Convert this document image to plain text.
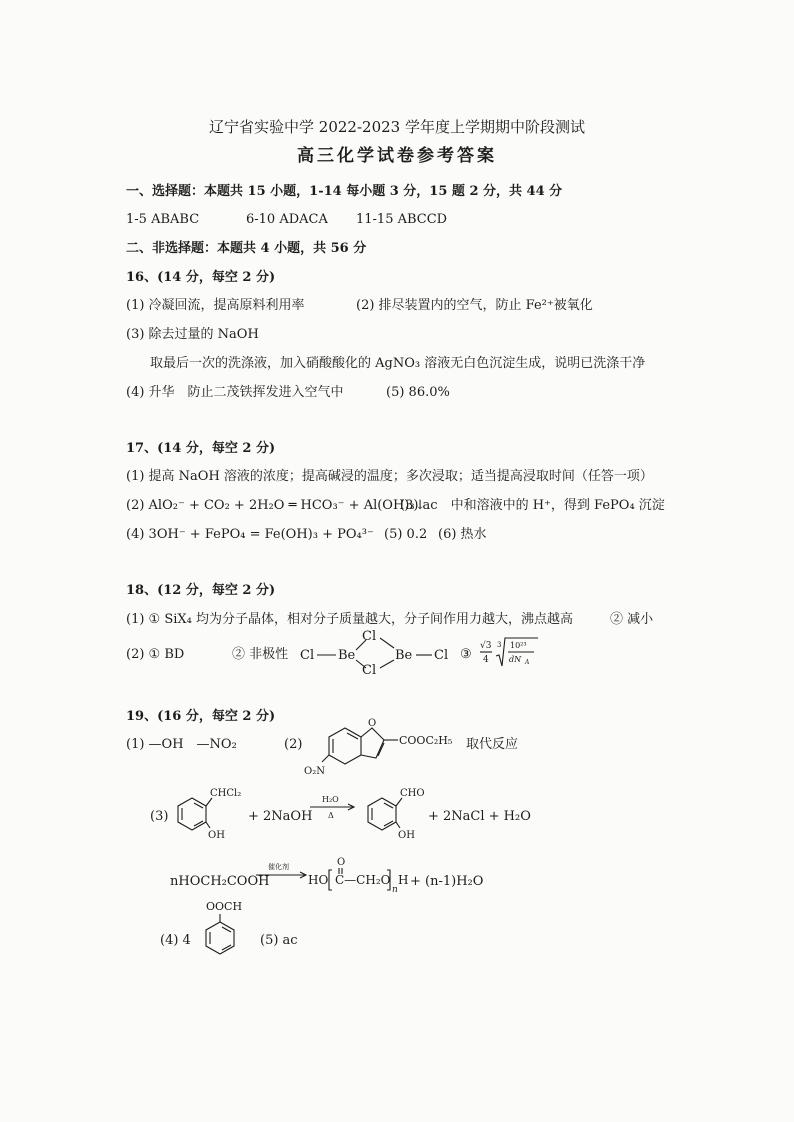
辽宁省实验中学 2022-2023 学年度上学期期中阶段测试
高三化学试卷参考答案
一、选择题：本题共 15 小题，1-14 每小题 3 分，15 题 2 分，共 44 分
1-5 ABABC	6-10 ADACA 11-15 ABCCD
二、非选择题：本题共 4 小题，共 56 分
16、(14 分，每空 2 分)
(1) 冷凝回流，提高原料利用率	(2) 排尽装置内的空气，防止 Fe²⁺被氧化
(3) 除去过量的 NaOH
取最后一次的洗涤液，加入硝酸酸化的 AgNO₃ 溶液无白色沉淀生成，说明已洗涤干净
(4) 升华　防止二茂铁挥发进入空气中	(5) 86.0%
17、(14 分，每空 2 分)
(1) 提高 NaOH 溶液的浓度；提高碱浸的温度；多次浸取；适当提高浸取时间（任答一项）
(2) AlO₂⁻ + CO₂ + 2H₂O ═ HCO₃⁻ + Al(OH)₃↓
(3) ac　中和溶液中的 H⁺，得到 FePO₄ 沉淀
(4) 3OH⁻ + FePO₄ = Fe(OH)₃ + PO₄³⁻ (5) 0.2 (6) 热水
18、(12 分，每空 2 分)
(1) ① SiX₄ 均为分子晶体，相对分子质量越大，分子间作用力越大，沸点越高	② 减小
(2) ① BD	② 非极性 Cl Be
Cl
Cl
Be Cl ③
√3
4
3 10²³
dN A
19、(16 分，每空 2 分)
(1) —OH　—NO₂	(2)
O
COOC₂H₅
O₂N
取代反应
(3)
CHCl₂
OH
+ 2NaOH
H₂O
Δ
CHO
OH
+ 2NaCl + H₂O
nHOCH₂COOH
催化剂
HO
O
C—CH₂O
n
H + (n-1)H₂O
(4) 4
OOCH
(5) ac
